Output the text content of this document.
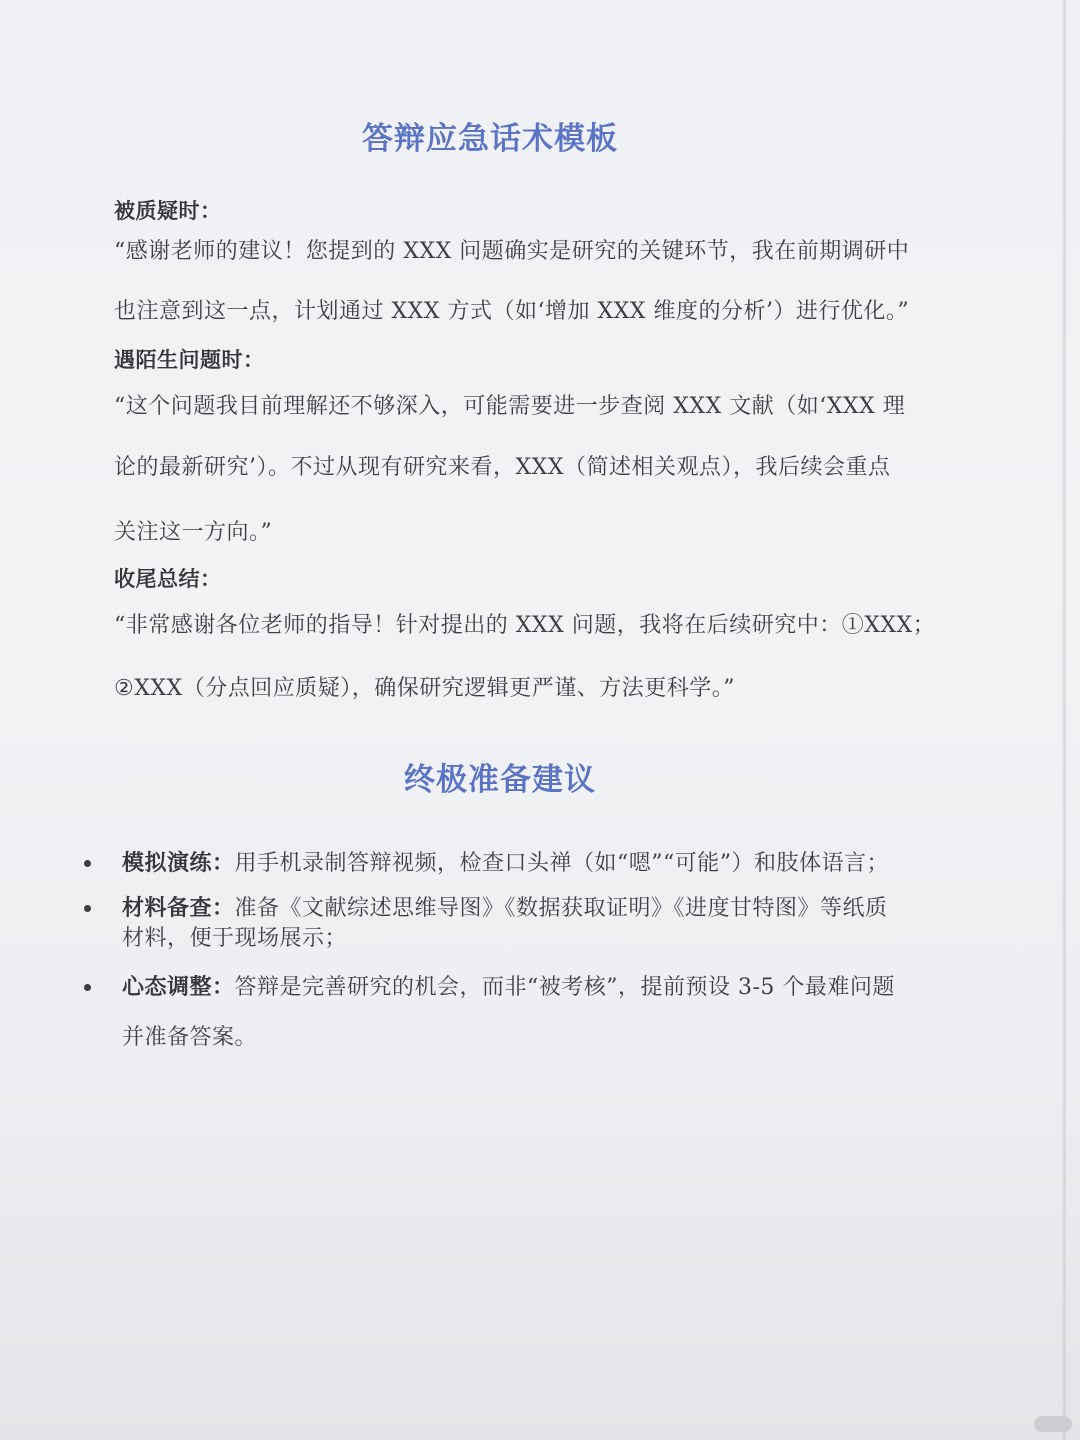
答辩应急话术模板

被质疑时：

“感谢老师的建议！您提到的 XXX 问题确实是研究的关键环节，我在前期调研中

也注意到这一点，计划通过 XXX 方式（如‘增加 XXX 维度的分析’）进行优化。”

遇陌生问题时：

“这个问题我目前理解还不够深入，可能需要进一步查阅 XXX 文献（如‘XXX 理

论的最新研究’）。不过从现有研究来看，XXX（简述相关观点），我后续会重点

关注这一方向。”

收尾总结：

“非常感谢各位老师的指导！针对提出的 XXX 问题，我将在后续研究中：①XXX；

②XXX（分点回应质疑），确保研究逻辑更严谨、方法更科学。”

终极准备建议
模拟演练：用手机录制答辩视频，检查口头禅（如“嗯”“可能”）和肢体语言；
材料备查：准备《文献综述思维导图》《数据获取证明》《进度甘特图》等纸质
材料，便于现场展示；
心态调整：答辩是完善研究的机会，而非“被考核”，提前预设 3-5 个最难问题
并准备答案。
